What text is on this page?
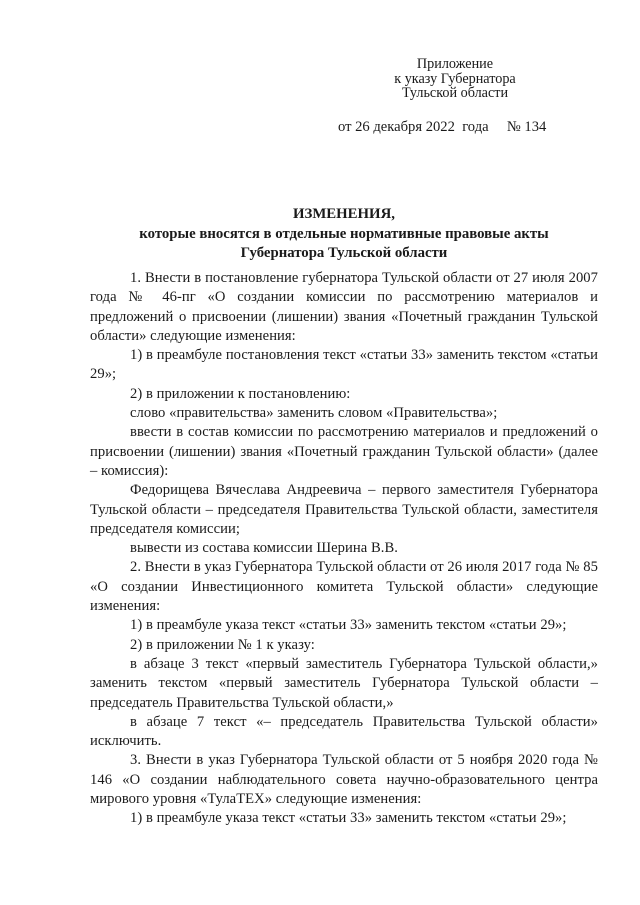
Приложение
к указу Губернатора
Тульской области
от 26 декабря 2022  года № 134
ИЗМЕНЕНИЯ,
которые вносятся в отдельные нормативные правовые акты
Губернатора Тульской области

1. Внести в постановление губернатора Тульской области от 27 июля 2007 года № 46-пг «О создании комиссии по рассмотрению материалов и предложений о присвоении (лишении) звания «Почетный гражданин Тульской области» следующие изменения:

1) в преамбуле постановления текст «статьи 33» заменить текстом «статьи 29»;

2) в приложении к постановлению:

слово «правительства» заменить словом «Правительства»;

ввести в состав комиссии по рассмотрению материалов и предложений о присвоении (лишении) звания «Почетный гражданин Тульской области» (далее – комиссия):

Федорищева Вячеслава Андреевича – первого заместителя Губернатора Тульской области – председателя Правительства Тульской области, заместителя председателя комиссии;

вывести из состава комиссии Шерина В.В.

2. Внести в указ Губернатора Тульской области от 26 июля 2017 года № 85 «О создании Инвестиционного комитета Тульской области» следующие изменения:

1) в преамбуле указа текст «статьи 33» заменить текстом «статьи 29»;

2) в приложении № 1 к указу:

в абзаце 3 текст «первый заместитель Губернатора Тульской области,» заменить текстом «первый заместитель Губернатора Тульской области – председатель Правительства Тульской области,»

в абзаце 7 текст «– председатель Правительства Тульской области» исключить.

3. Внести в указ Губернатора Тульской области от 5 ноября 2020 года № 146 «О создании наблюдательного совета научно-образовательного центра мирового уровня «ТулаТЕХ» следующие изменения:

1) в преамбуле указа текст «статьи 33» заменить текстом «статьи 29»;
